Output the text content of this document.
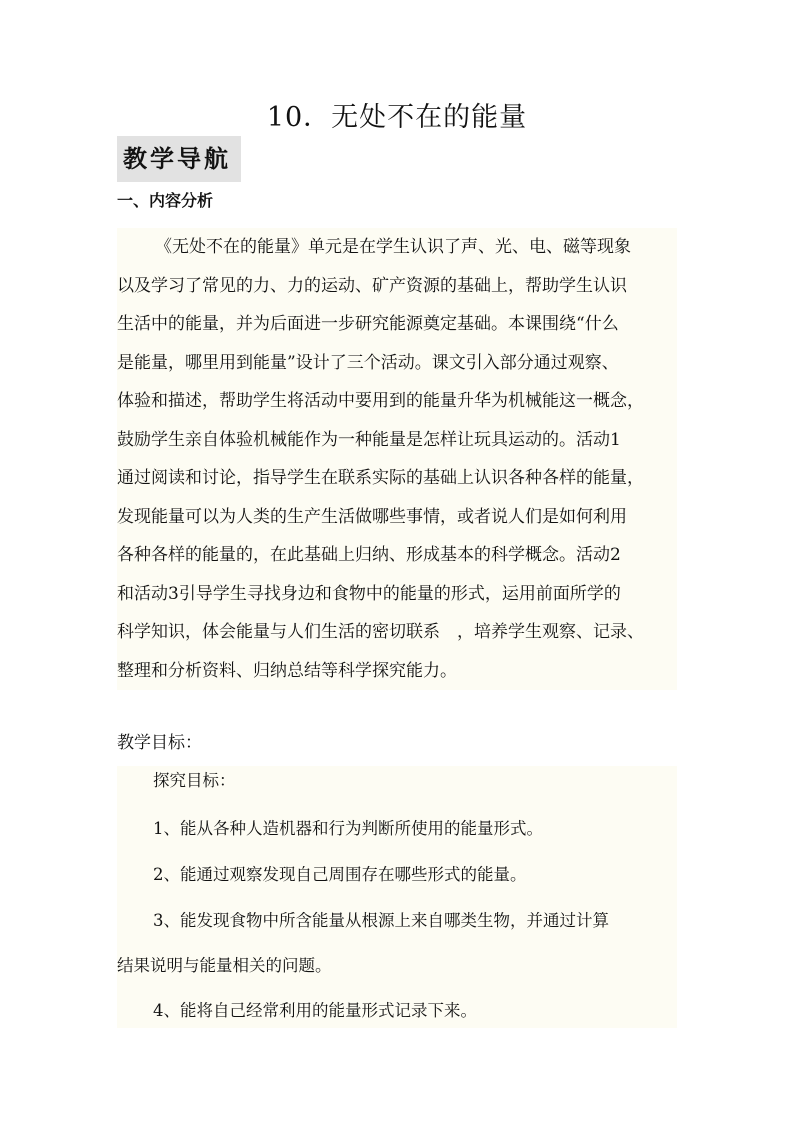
10．无处不在的能量
教学导航
一、内容分析
《无处不在的能量》单元是在学生认识了声、光、电、磁等现象
以及学习了常见的力、力的运动、矿产资源的基础上，帮助学生认识
生活中的能量，并为后面进一步研究能源奠定基础。本课围绕“什么
是能量，哪里用到能量”设计了三个活动。课文引入部分通过观察、
体验和描述，帮助学生将活动中要用到的能量升华为机械能这一概念，
鼓励学生亲自体验机械能作为一种能量是怎样让玩具运动的。活动1
通过阅读和讨论，指导学生在联系实际的基础上认识各种各样的能量，
发现能量可以为人类的生产生活做哪些事情，或者说人们是如何利用
各种各样的能量的，在此基础上归纳、形成基本的科学概念。活动2
和活动3引导学生寻找身边和食物中的能量的形式，运用前面所学的
科学知识，体会能量与人们生活的密切联系　，培养学生观察、记录、
整理和分析资料、归纳总结等科学探究能力。
教学目标：
探究目标：
1、能从各种人造机器和行为判断所使用的能量形式。
2、能通过观察发现自己周围存在哪些形式的能量。
3、能发现食物中所含能量从根源上来自哪类生物，并通过计算
结果说明与能量相关的问题。
4、能将自己经常利用的能量形式记录下来。
